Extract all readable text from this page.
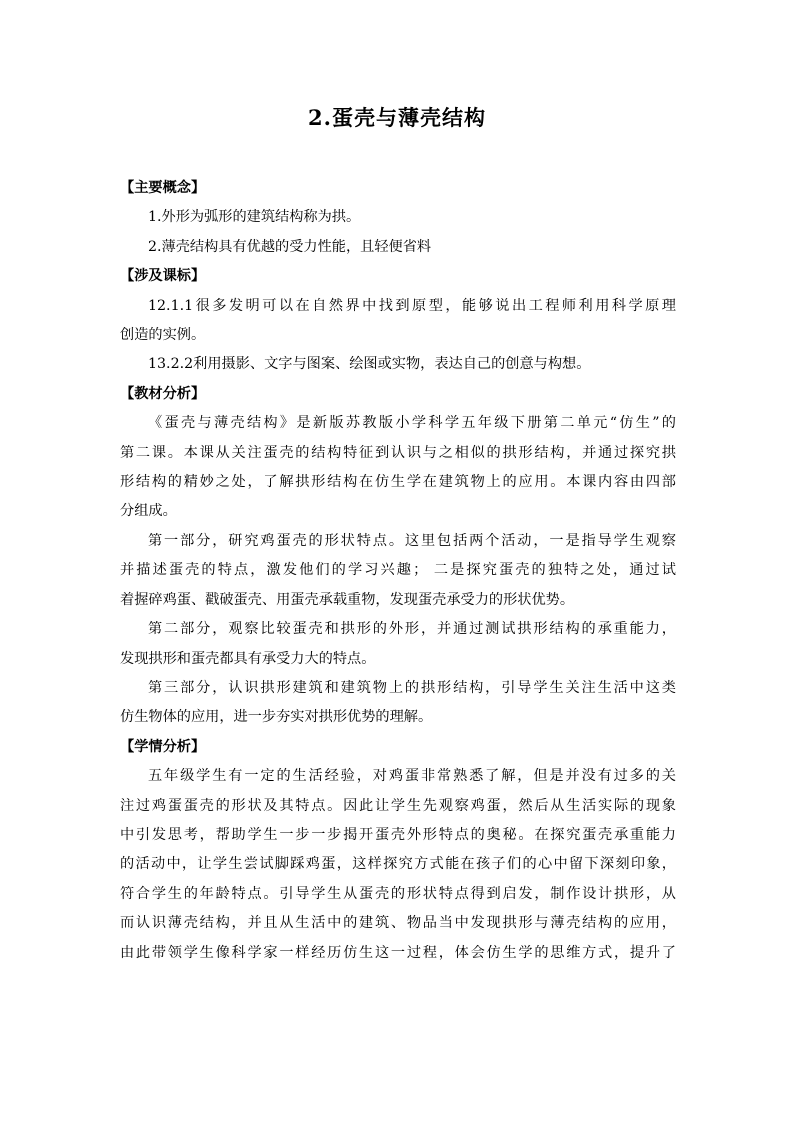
2.蛋壳与薄壳结构

【主要概念】

1.外形为弧形的建筑结构称为拱。

2.薄壳结构具有优越的受力性能，且轻便省料

【涉及课标】

12.1.1很多发明可以在自然界中找到原型，能够说出工程师利用科学原理
创造的实例。

13.2.2利用摄影、文字与图案、绘图或实物，表达自己的创意与构想。

【教材分析】

《蛋壳与薄壳结构》是新版苏教版小学科学五年级下册第二单元“仿生”的
第二课。本课从关注蛋壳的结构特征到认识与之相似的拱形结构，并通过探究拱
形结构的精妙之处，了解拱形结构在仿生学在建筑物上的应用。本课内容由四部
分组成。
第一部分，研究鸡蛋壳的形状特点。这里包括两个活动，一是指导学生观察
并描述蛋壳的特点，激发他们的学习兴趣； 二是探究蛋壳的独特之处，通过试
着握碎鸡蛋、戳破蛋壳、用蛋壳承载重物，发现蛋壳承受力的形状优势。
第二部分，观察比较蛋壳和拱形的外形，并通过测试拱形结构的承重能力，
发现拱形和蛋壳都具有承受力大的特点。
第三部分，认识拱形建筑和建筑物上的拱形结构，引导学生关注生活中这类
仿生物体的应用，进一步夯实对拱形优势的理解。

【学情分析】

五年级学生有一定的生活经验，对鸡蛋非常熟悉了解，但是并没有过多的关
注过鸡蛋蛋壳的形状及其特点。因此让学生先观察鸡蛋，然后从生活实际的现象
中引发思考，帮助学生一步一步揭开蛋壳外形特点的奥秘。在探究蛋壳承重能力
的活动中，让学生尝试脚踩鸡蛋，这样探究方式能在孩子们的心中留下深刻印象，
符合学生的年龄特点。引导学生从蛋壳的形状特点得到启发，制作设计拱形，从
而认识薄壳结构，并且从生活中的建筑、物品当中发现拱形与薄壳结构的应用，
由此带领学生像科学家一样经历仿生这一过程，体会仿生学的思维方式，提升了
